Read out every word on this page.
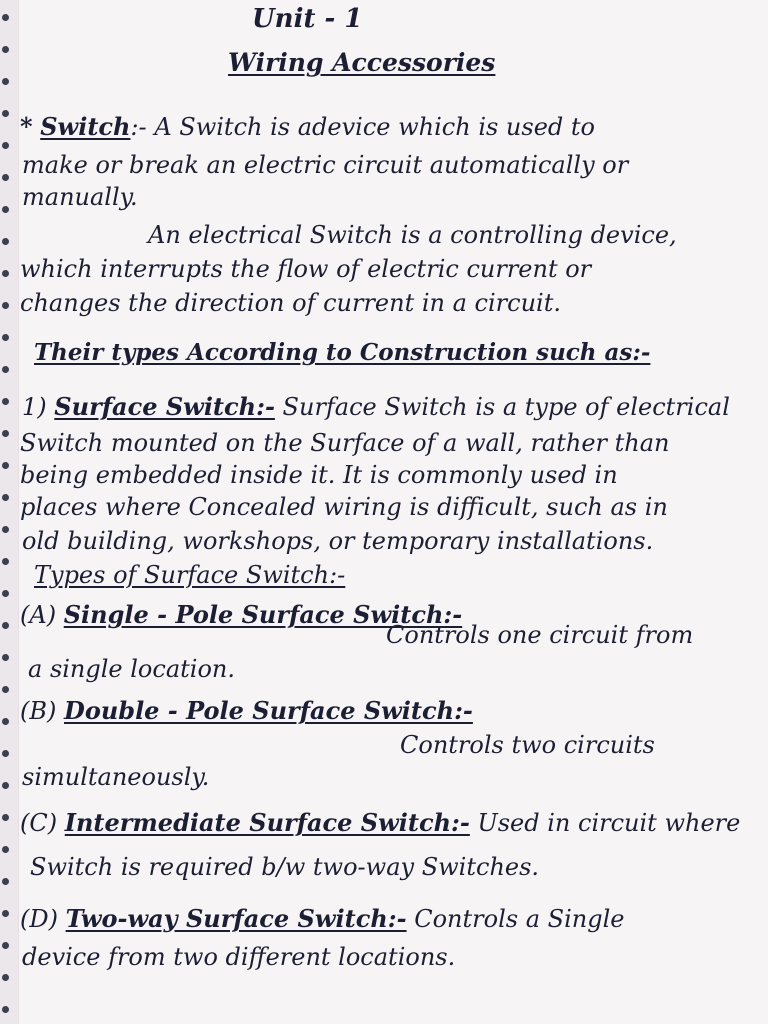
Unit - 1
Wiring Accessories
* Switch:- A Switch is adevice which is used to
make or break an electric circuit automatically or
manually.
An electrical Switch is a controlling device,
which interrupts the flow of electric current or
changes the direction of current in a circuit.
Their types According to Construction such as:-
1) Surface Switch:- Surface Switch is a type of electrical
Switch mounted on the Surface of a wall, rather than
being embedded inside it. It is commonly used in
places where Concealed wiring is difficult, such as in
old building, workshops, or temporary installations.
Types of Surface Switch:-
(A) Single - Pole Surface Switch:-
Controls one circuit from
a single location.
(B) Double - Pole Surface Switch:-
Controls two circuits
simultaneously.
(C) Intermediate Surface Switch:- Used in circuit where
Switch is required b/w two-way Switches.
(D) Two-way Surface Switch:- Controls a Single
device from two different locations.
